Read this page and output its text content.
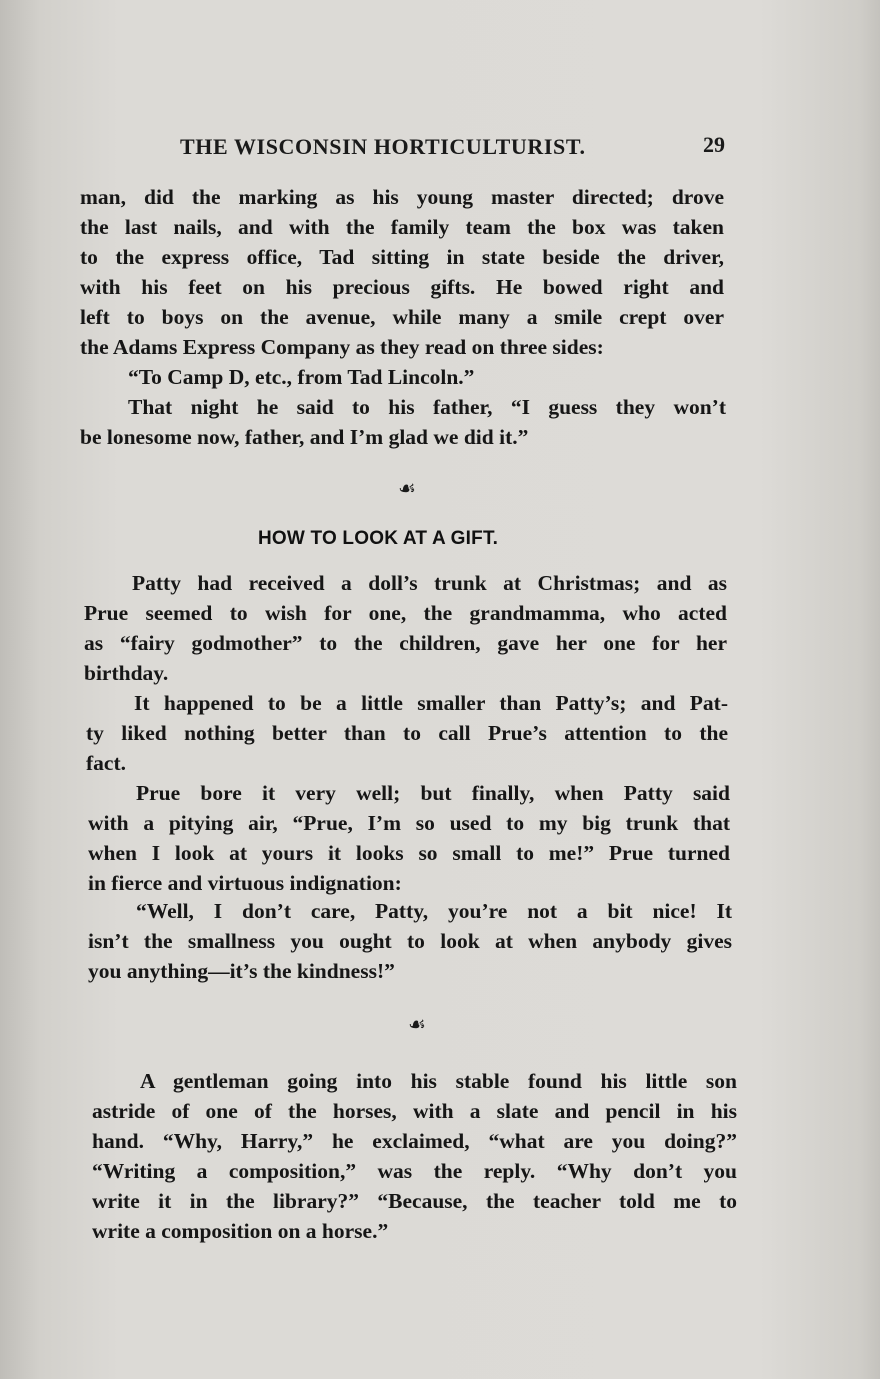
THE WISCONSIN HORTICULTURIST.	29
man, did the marking as his young master directed; drove
the last nails, and with the family team the box was taken
to the express office, Tad sitting in state beside the driver,
with his feet on his precious gifts. He bowed right and
left to boys on the avenue, while many a smile crept over
the Adams Express Company as they read on three sides:
“To Camp D, etc., from Tad Lincoln.”
That night he said to his father, “I guess they won’t
be lonesome now, father, and I’m glad we did it.”
☙
HOW TO LOOK AT A GIFT.
Patty had received a doll’s trunk at Christmas; and as
Prue seemed to wish for one, the grandmamma, who acted
as “fairy godmother” to the children, gave her one for her
birthday.
It happened to be a little smaller than Patty’s; and Pat-
ty liked nothing better than to call Prue’s attention to the
fact.
Prue bore it very well; but finally, when Patty said
with a pitying air, “Prue, I’m so used to my big trunk that
when I look at yours it looks so small to me!” Prue turned
in fierce and virtuous indignation:
“Well, I don’t care, Patty, you’re not a bit nice! It
isn’t the smallness you ought to look at when anybody gives
you anything—it’s the kindness!”
☙
A gentleman going into his stable found his little son
astride of one of the horses, with a slate and pencil in his
hand. “Why, Harry,” he exclaimed, “what are you doing?”
“Writing a composition,” was the reply. “Why don’t you
write it in the library?” “Because, the teacher told me to
write a composition on a horse.”
